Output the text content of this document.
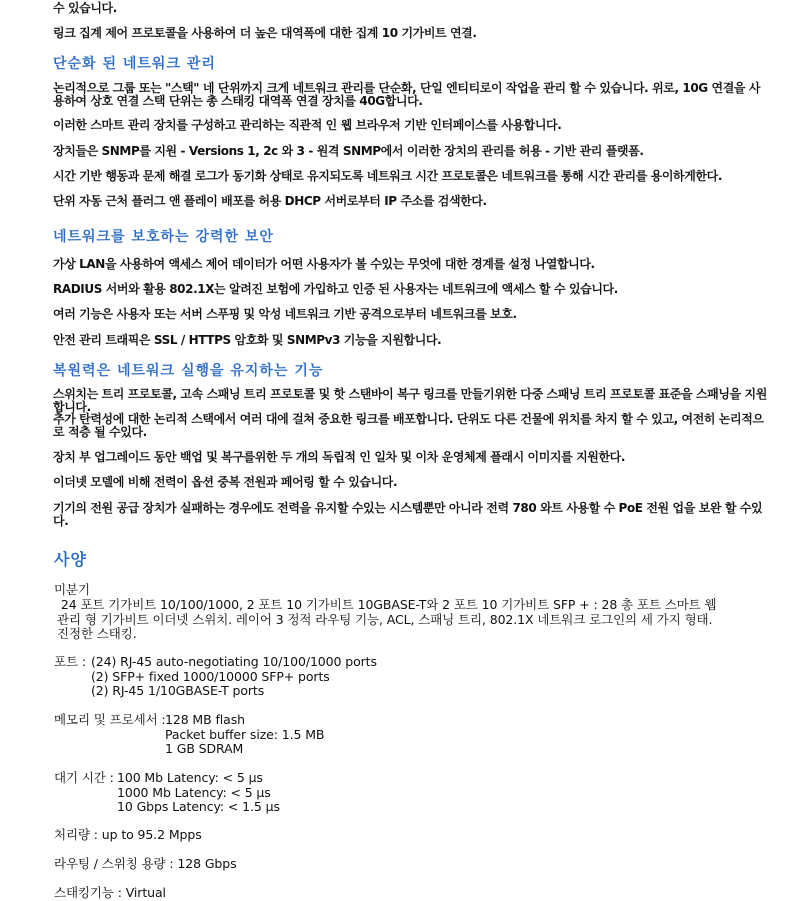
수 있습니다.
링크 집계 제어 프로토콜을 사용하여 더 높은 대역폭에 대한 집계 10 기가비트 연결.
단순화 된 네트워크 관리
논리적으로 그룹 또는 "스택" 네 단위까지 크게 네트워크 관리를 단순화, 단일 엔티티로이 작업을 관리 할 수 있습니다. 위로, 10G 연결을 사용하여 상호 연결 스택 단위는 총 스태킹 대역폭 연결 장치를 40G합니다.
이러한 스마트 관리 장치를 구성하고 관리하는 직관적 인 웹 브라우저 기반 인터페이스를 사용합니다.
장치들은 SNMP를 지원 - Versions 1, 2c 와 3 - 원격 SNMP에서 이러한 장치의 관리를 허용 - 기반 관리 플랫폼.
시간 기반 행동과 문제 해결 로그가 동기화 상태로 유지되도록 네트워크 시간 프로토콜은 네트워크를 통해 시간 관리를 용이하게한다.
단위 자동 근처 플러그 앤 플레이 배포를 허용 DHCP 서버로부터 IP 주소를 검색한다.
네트워크를 보호하는 강력한 보안
가상 LAN을 사용하여 액세스 제어 데이터가 어떤 사용자가 볼 수있는 무엇에 대한 경계를 설정 나열합니다.
RADIUS 서버와 활용 802.1X는 알려진 보험에 가입하고 인증 된 사용자는 네트워크에 액세스 할 수 있습니다.
여러 기능은 사용자 또는 서버 스푸핑 및 악성 네트워크 기반 공격으로부터 네트워크를 보호.
안전 관리 트래픽은 SSL / HTTPS 암호화 및 SNMPv3 기능을 지원합니다.
복원력은 네트워크 실행을 유지하는 기능
스위치는 트리 프로토콜, 고속 스패닝 트리 프로토콜 및 핫 스탠바이 복구 링크를 만들기위한 다중 스패닝 트리 프로토콜 표준을 스패닝을 지원합니다.
추가 탄력성에 대한 논리적 스택에서 여러 대에 걸쳐 중요한 링크를 배포합니다. 단위도 다른 건물에 위치를 차지 할 수 있고, 여전히 논리적으로 적층 될 수있다.
장치 부 업그레이드 동안 백업 및 복구를위한 두 개의 독립적 인 일차 및 이차 운영체제 플래시 이미지를 지원한다.
이더넷 모델에 비해 전력이 옵션 중복 전원과 페어링 할 수 있습니다.
기기의 전원 공급 장치가 실패하는 경우에도 전력을 유지할 수있는 시스템뿐만 아니라 전력 780 와트 사용할 수 PoE 전원 업을 보완 할 수있다.
사양
미분기
24 포트 기가비트 10/100/1000, 2 포트 10 기가비트 10GBASE-T와 2 포트 10 기가비트 SFP + : 28 총 포트 스마트 웹
관리 형 기가비트 이더넷 스위치. 레이어 3 정적 라우팅 기능, ACL, 스패닝 트리, 802.1X 네트워크 로그인의 세 가지 형태.
진정한 스태킹.
포트 : (24) RJ-45 auto-negotiating 10/100/1000 ports
(2) SFP+ fixed 1000/10000 SFP+ ports
(2) RJ-45 1/10GBASE-T ports
메모리 및 프로세서 :
128 MB flash
Packet buffer size: 1.5 MB
1 GB SDRAM
대기 시간 : 100 Mb Latency: < 5 µs
1000 Mb Latency: < 5 µs
10 Gbps Latency: < 1.5 µs
처리량 : up to 95.2 Mpps
라우팅 / 스위칭 용량 : 128 Gbps
스태킹기능 : Virtual
